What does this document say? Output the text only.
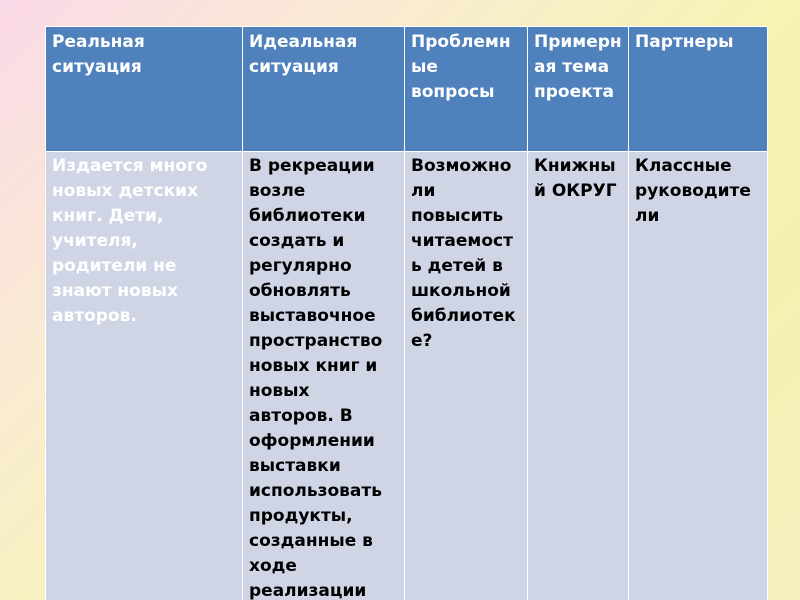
Реальная ситуация	Идеальная ситуация	Проблемные вопросы	Примерная тема проекта	Партнеры

Издается много новых детских книг. Дети, учителя, родители не знают новых авторов.	В рекреации возле библиотеки создать и регулярно обновлять выставочное пространство новых книг и новых авторов. В оформлении выставки использовать продукты, созданные в ходе реализации	Возможно ли повысить читаемость детей в школьной библиотеке?	Книжный ОКРУГ	Классные руководители
